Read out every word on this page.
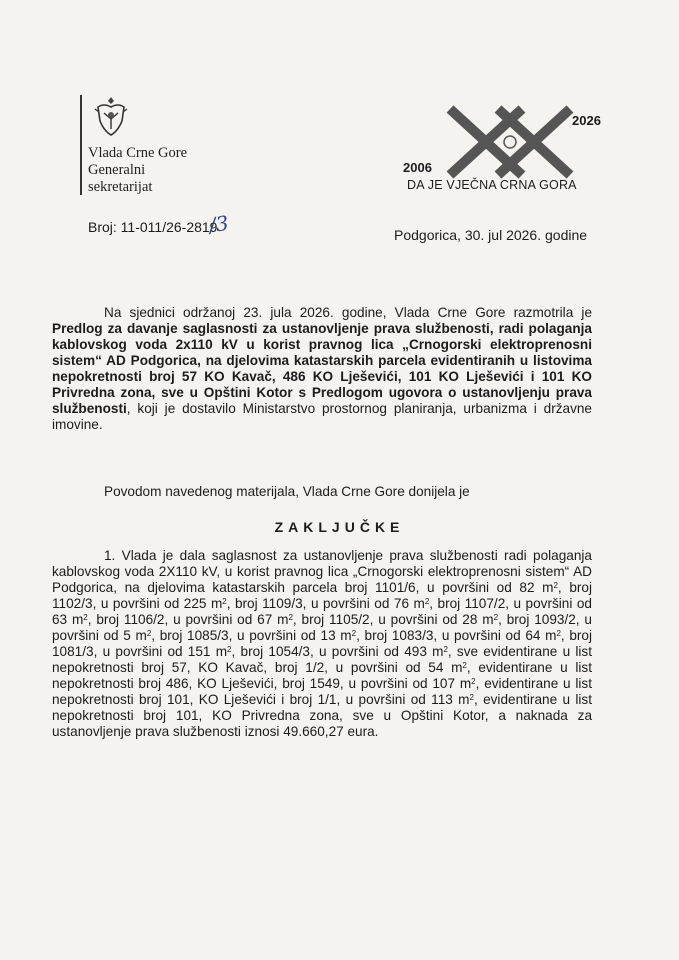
Vlada Crne Gore
Generalni
sekretarijat
2026
2006
DA JE VJEČNA CRNA GORA
Broj: 11-011/26-2819
/3	Podgorica, 30. jul 2026. godine
Na sjednici održanoj 23. jula 2026. godine, Vlada Crne Gore razmotrila je Predlog za davanje saglasnosti za ustanovljenje prava službenosti, radi polaganja kablovskog voda 2x110 kV u korist pravnog lica „Crnogorski elektroprenosni sistem“ AD Podgorica, na djelovima katastarskih parcela evidentiranih u listovima nepokretnosti broj 57 KO Kavač, 486 KO Lješevići, 101 KO Lješevići i 101 KO Privredna zona, sve u Opštini Kotor s Predlogom ugovora o ustanovljenju prava službenosti, koji je dostavilo Ministarstvo prostornog planiranja, urbanizma i državne imovine.
Povodom navedenog materijala, Vlada Crne Gore donijela je
ZAKLJUČKE
1. Vlada je dala saglasnost za ustanovljenje prava službenosti radi polaganja kablovskog voda 2X110 kV, u korist pravnog lica „Crnogorski elektroprenosni sistem“ AD Podgorica, na djelovima katastarskih parcela broj 1101/6, u površini od 82 $m^2$, broj 1102/3, u površini od 225 $m^2$, broj 1109/3, u površini od 76 $m^2$, broj 1107/2, u površini od 63 $m^2$, broj 1106/2, u površini od 67 $m^2$, broj 1105/2, u površini od 28 $m^2$, broj 1093/2, u površini od 5 $m^2$, broj 1085/3, u površini od 13 $m^2$, broj 1083/3, u površini od 64 $m^2$, broj 1081/3, u površini od 151 $m^2$, broj 1054/3, u površini od 493 $m^2$, sve evidentirane u list nepokretnosti broj 57, KO Kavač, broj 1/2, u površini od 54 $m^2$, evidentirane u list nepokretnosti broj 486, KO Lješevići, broj 1549, u površini od 107 $m^2$, evidentirane u list nepokretnosti broj 101, KO Lješevići i broj 1/1, u površini od 113 $m^2$, evidentirane u list nepokretnosti broj 101, KO Privredna zona, sve u Opštini Kotor, a naknada za ustanovljenje prava službenosti iznosi 49.660,27 eura.
